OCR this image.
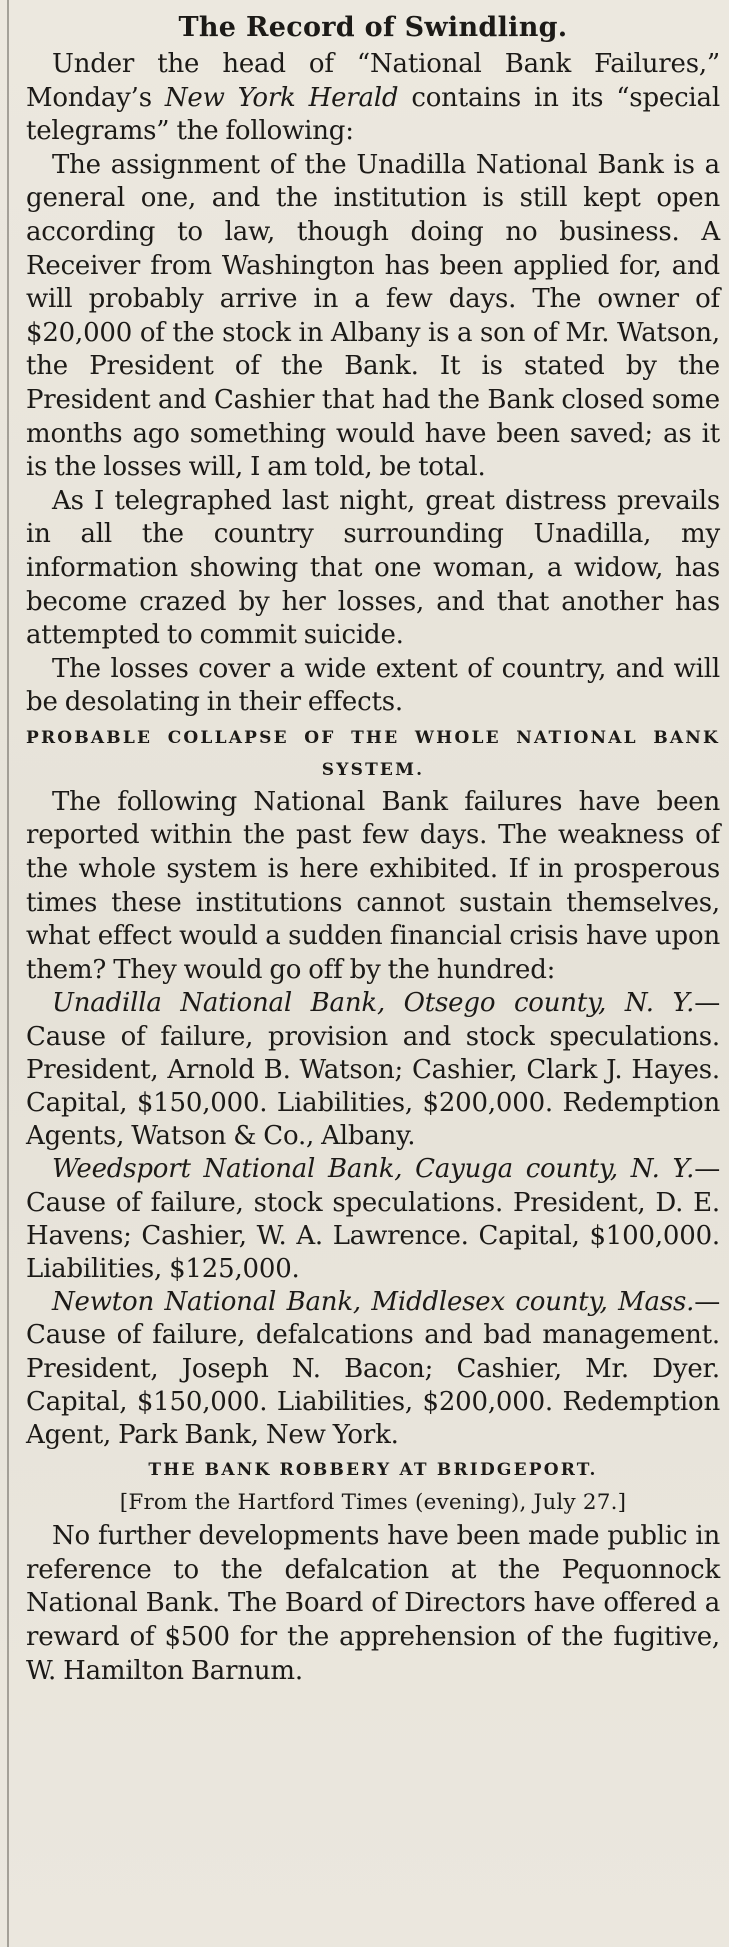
The Record of Swindling.

Under the head of “National Bank Failures,” Monday’s New York Herald contains in its “special telegrams” the following:

The assignment of the Unadilla National Bank is a general one, and the institution is still kept open according to law, though doing no business. A Receiver from Washington has been applied for, and will probably arrive in a few days. The owner of $20,000 of the stock in Albany is a son of Mr. Watson, the President of the Bank. It is stated by the President and Cashier that had the Bank closed some months ago something would have been saved; as it is the losses will, I am told, be total.

As I telegraphed last night, great distress prevails in all the country surrounding Unadilla, my information showing that one woman, a widow, has become crazed by her losses, and that another has attempted to commit suicide.

The losses cover a wide extent of country, and will be desolating in their effects.

PROBABLE COLLAPSE OF THE WHOLE NATIONAL BANK SYSTEM.

The following National Bank failures have been reported within the past few days. The weakness of the whole system is here exhibited. If in prosperous times these institutions cannot sustain themselves, what effect would a sudden financial crisis have upon them? They would go off by the hundred:

Unadilla National Bank, Otsego county, N. Y.—Cause of failure, provision and stock speculations. President, Arnold B. Watson; Cashier, Clark J. Hayes. Capital, $150,000. Liabilities, $200,000. Redemption Agents, Watson & Co., Albany.

Weedsport National Bank, Cayuga county, N. Y.—Cause of failure, stock speculations. President, D. E. Havens; Cashier, W. A. Lawrence. Capital, $100,000. Liabilities, $125,000.

Newton National Bank, Middlesex county, Mass.—Cause of failure, defalcations and bad management. President, Joseph N. Bacon; Cashier, Mr. Dyer. Capital, $150,000. Liabilities, $200,000. Redemption Agent, Park Bank, New York.

THE BANK ROBBERY AT BRIDGEPORT.

[From the Hartford Times (evening), July 27.]

No further developments have been made public in reference to the defalcation at the Pequonnock National Bank. The Board of Directors have offered a reward of $500 for the apprehension of the fugitive, W. Hamilton Barnum.
